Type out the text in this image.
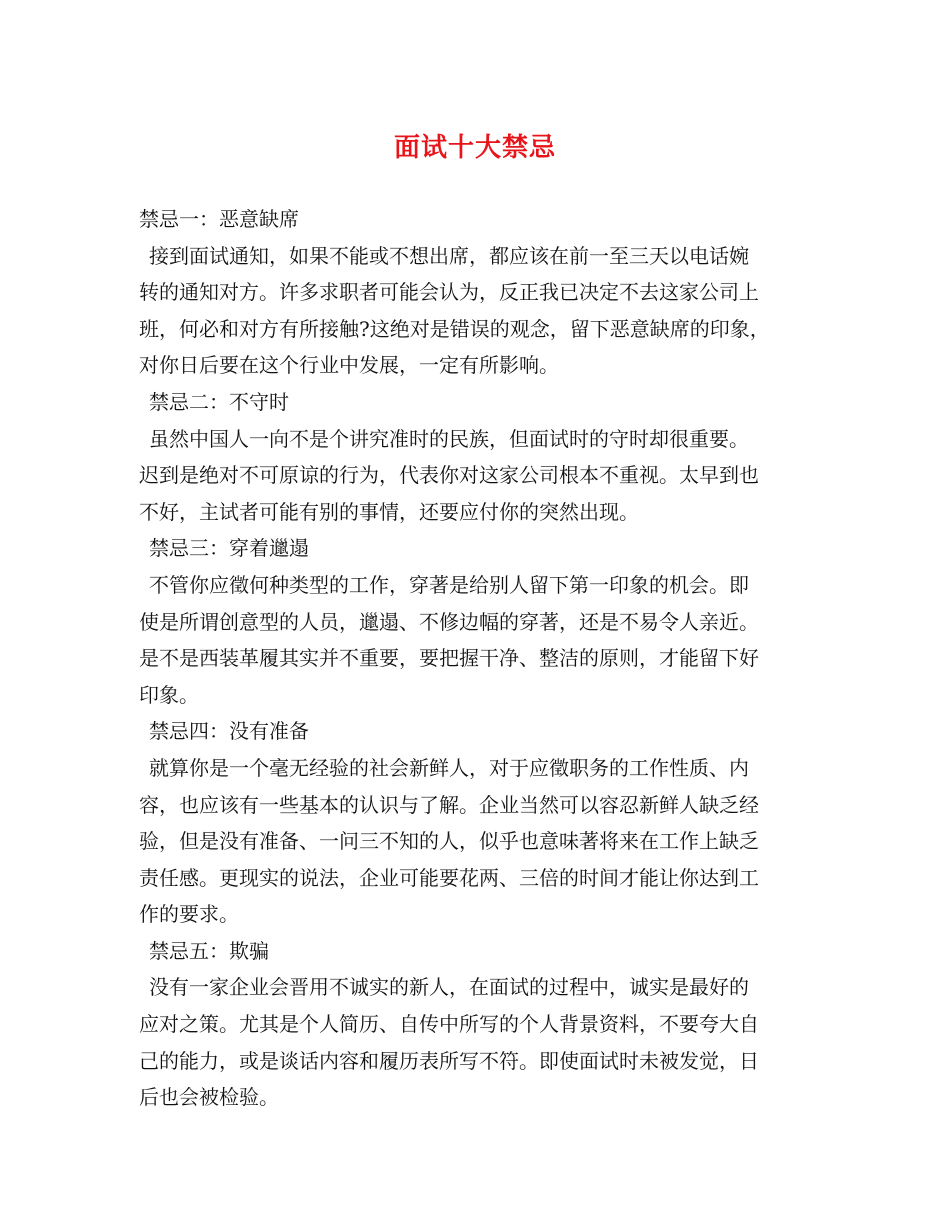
面试十大禁忌
禁忌一：恶意缺席
接到面试通知，如果不能或不想出席，都应该在前一至三天以电话婉
转的通知对方。许多求职者可能会认为，反正我已决定不去这家公司上
班，何必和对方有所接触?这绝对是错误的观念，留下恶意缺席的印象，
对你日后要在这个行业中发展，一定有所影响。
禁忌二：不守时
虽然中国人一向不是个讲究准时的民族，但面试时的守时却很重要。
迟到是绝对不可原谅的行为，代表你对这家公司根本不重视。太早到也
不好，主试者可能有别的事情，还要应付你的突然出现。
禁忌三：穿着邋遢
不管你应徵何种类型的工作，穿著是给别人留下第一印象的机会。即
使是所谓创意型的人员，邋遢、不修边幅的穿著，还是不易令人亲近。
是不是西装革履其实并不重要，要把握干净、整洁的原则，才能留下好
印象。
禁忌四：没有准备
就算你是一个毫无经验的社会新鲜人，对于应徵职务的工作性质、内
容，也应该有一些基本的认识与了解。企业当然可以容忍新鲜人缺乏经
验，但是没有准备、一问三不知的人，似乎也意味著将来在工作上缺乏
责任感。更现实的说法，企业可能要花两、三倍的时间才能让你达到工
作的要求。
禁忌五：欺骗
没有一家企业会晋用不诚实的新人，在面试的过程中，诚实是最好的
应对之策。尤其是个人简历、自传中所写的个人背景资料，不要夸大自
己的能力，或是谈话内容和履历表所写不符。即使面试时未被发觉，日
后也会被检验。
